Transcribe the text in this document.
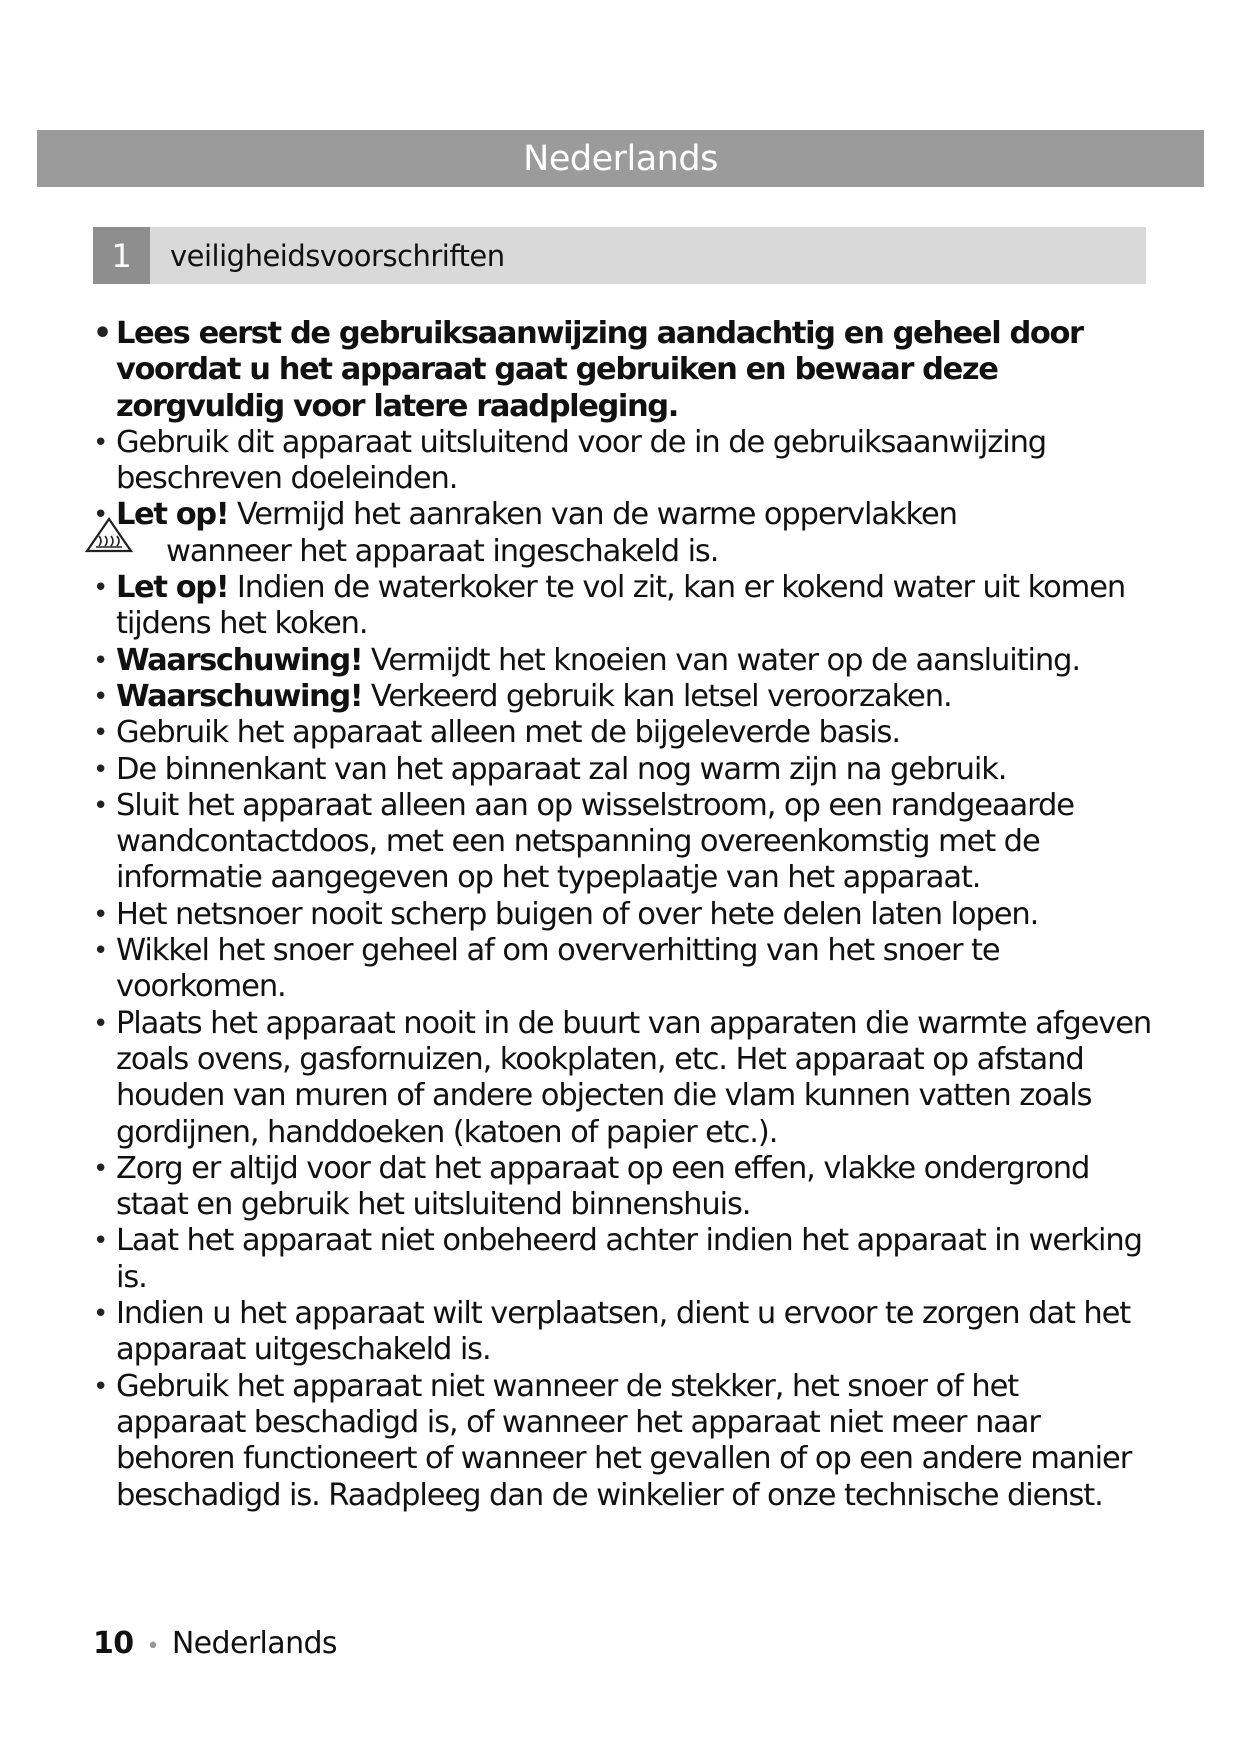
Nederlands
1	veiligheidsvoorschriften
• Lees eerst de gebruiksaanwijzing aandachtig en geheel door voordat u het apparaat gaat gebruiken en bewaar deze zorgvuldig voor latere raadpleging.
• Gebruik dit apparaat uitsluitend voor de in de gebruiksaanwijzing beschreven doeleinden.
• Let op! Vermijd het aanraken van de warme oppervlakken
wanneer het apparaat ingeschakeld is.
• Let op! Indien de waterkoker te vol zit, kan er kokend water uit komen tijdens het koken.
• Waarschuwing! Vermijdt het knoeien van water op de aansluiting.
• Waarschuwing! Verkeerd gebruik kan letsel veroorzaken.
• Gebruik het apparaat alleen met de bijgeleverde basis.
• De binnenkant van het apparaat zal nog warm zijn na gebruik.
• Sluit het apparaat alleen aan op wisselstroom, op een randgeaarde wandcontactdoos, met een netspanning overeenkomstig met de informatie aangegeven op het typeplaatje van het apparaat.
• Het netsnoer nooit scherp buigen of over hete delen laten lopen.
• Wikkel het snoer geheel af om oververhitting van het snoer te voorkomen.
• Plaats het apparaat nooit in de buurt van apparaten die warmte afgeven zoals ovens, gasfornuizen, kookplaten, etc. Het apparaat op afstand houden van muren of andere objecten die vlam kunnen vatten zoals gordijnen, handdoeken (katoen of papier etc.).
• Zorg er altijd voor dat het apparaat op een effen, vlakke ondergrond staat en gebruik het uitsluitend binnenshuis.
• Laat het apparaat niet onbeheerd achter indien het apparaat in werking is.
• Indien u het apparaat wilt verplaatsen, dient u ervoor te zorgen dat het apparaat uitgeschakeld is.
• Gebruik het apparaat niet wanneer de stekker, het snoer of het apparaat beschadigd is, of wanneer het apparaat niet meer naar behoren functioneert of wanneer het gevallen of op een andere manier beschadigd is. Raadpleeg dan de winkelier of onze technische dienst.
10 • Nederlands
